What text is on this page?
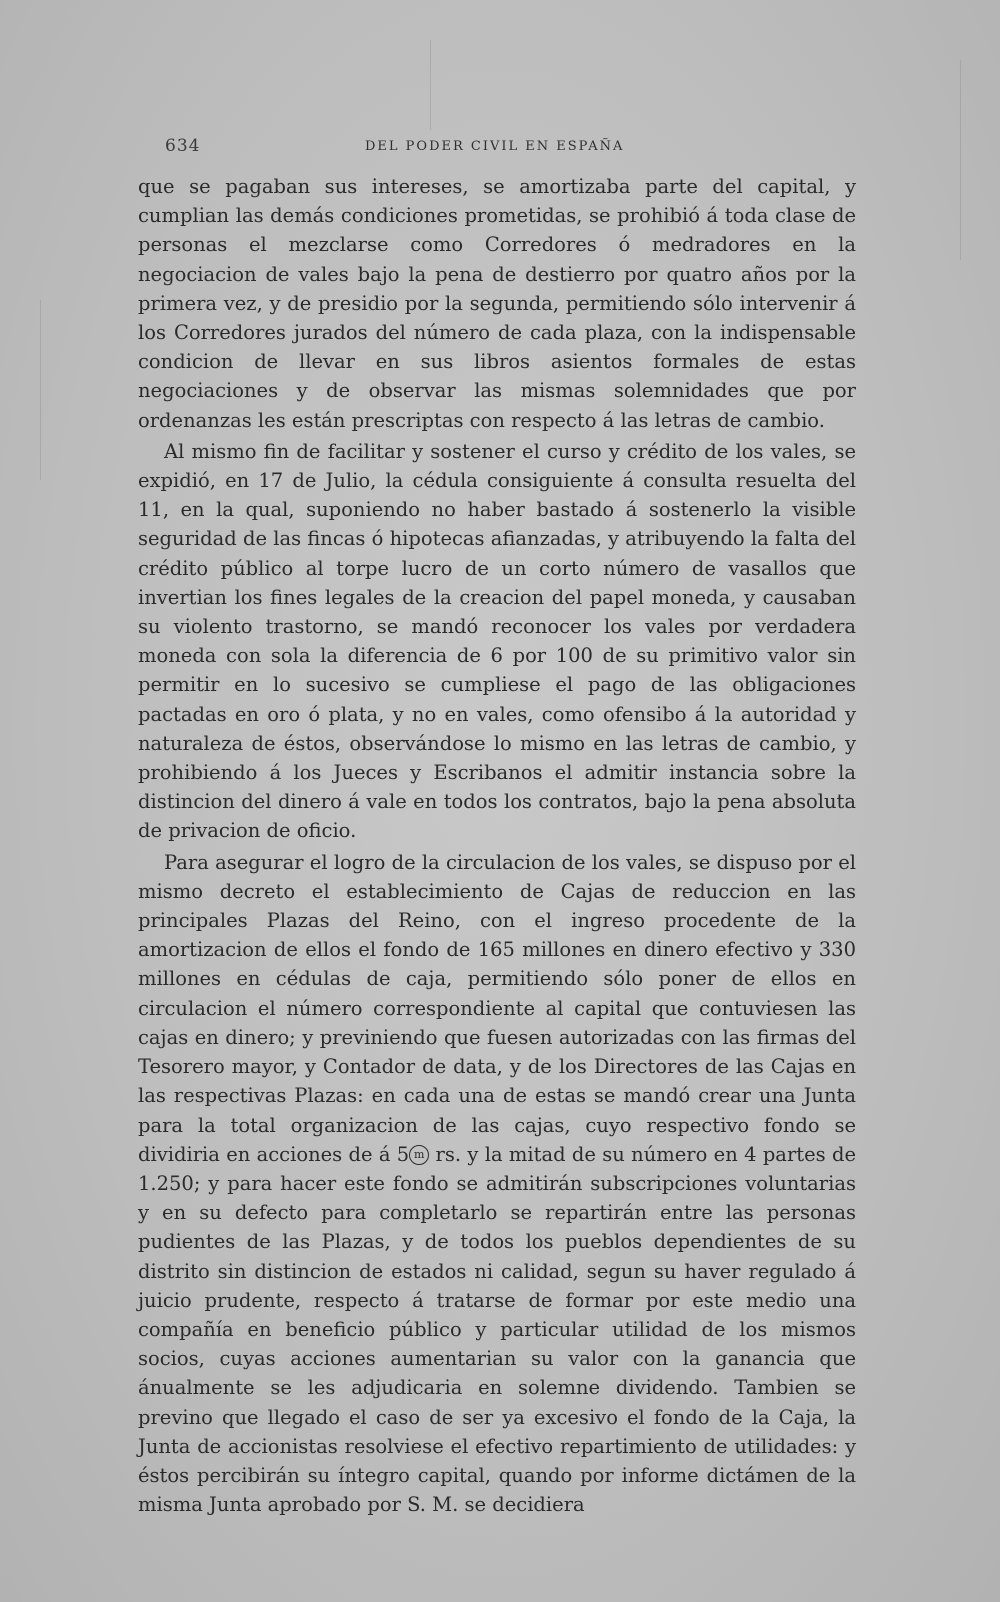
634	DEL PODER CIVIL EN ESPAÑA

que se pagaban sus intereses, se amortizaba parte del capital, y cumplian las demás condiciones prometidas, se prohibió á toda clase de personas el mezclarse como Corredores ó medradores en la negociacion de vales bajo la pena de destierro por quatro años por la primera vez, y de presidio por la segunda, permitiendo sólo intervenir á los Corredores jurados del número de cada plaza, con la indispensable condicion de llevar en sus libros asientos formales de estas negociaciones y de observar las mismas solemnidades que por ordenanzas les están prescriptas con respecto á las letras de cambio.

Al mismo fin de facilitar y sostener el curso y crédito de los vales, se expidió, en 17 de Julio, la cédula consiguiente á consulta resuelta del 11, en la qual, suponiendo no haber bastado á sostenerlo la visible seguridad de las fincas ó hipotecas afianzadas, y atribuyendo la falta del crédito público al torpe lucro de un corto número de vasallos que invertian los fines legales de la creacion del papel moneda, y causaban su violento trastorno, se mandó reconocer los vales por verdadera moneda con sola la diferencia de 6 por 100 de su primitivo valor sin permitir en lo sucesivo se cumpliese el pago de las obligaciones pactadas en oro ó plata, y no en vales, como ofensibo á la autoridad y naturaleza de éstos, observándose lo mismo en las letras de cambio, y prohibiendo á los Jueces y Escribanos el admitir instancia sobre la distincion del dinero á vale en todos los contratos, bajo la pena absoluta de privacion de oficio.

Para asegurar el logro de la circulacion de los vales, se dispuso por el mismo decreto el establecimiento de Cajas de reduccion en las principales Plazas del Reino, con el ingreso procedente de la amortizacion de ellos el fondo de 165 millones en dinero efectivo y 330 millones en cédulas de caja, permitiendo sólo poner de ellos en circulacion el número correspondiente al capital que contuviesen las cajas en dinero; y previniendo que fuesen autorizadas con las firmas del Tesorero mayor, y Contador de data, y de los Directores de las Cajas en las respectivas Plazas: en cada una de estas se mandó crear una Junta para la total organizacion de las cajas, cuyo respectivo fondo se dividiria en acciones de á 5 m rs. y la mitad de su número en 4 partes de 1.250; y para hacer este fondo se admitirán subscripciones voluntarias y en su defecto para completarlo se repartirán entre las personas pudientes de las Plazas, y de todos los pueblos dependientes de su distrito sin distincion de estados ni calidad, segun su haver regulado á juicio prudente, respecto á tratarse de formar por este medio una compañía en beneficio público y particular utilidad de los mismos socios, cuyas acciones aumentarian su valor con la ganancia que ánualmente se les adjudicaria en solemne dividendo. Tambien se previno que llegado el caso de ser ya excesivo el fondo de la Caja, la Junta de accionistas resolviese el efectivo repartimiento de utilidades: y éstos percibirán su íntegro capital, quando por informe dictámen de la misma Junta aprobado por S. M. se decidiera
